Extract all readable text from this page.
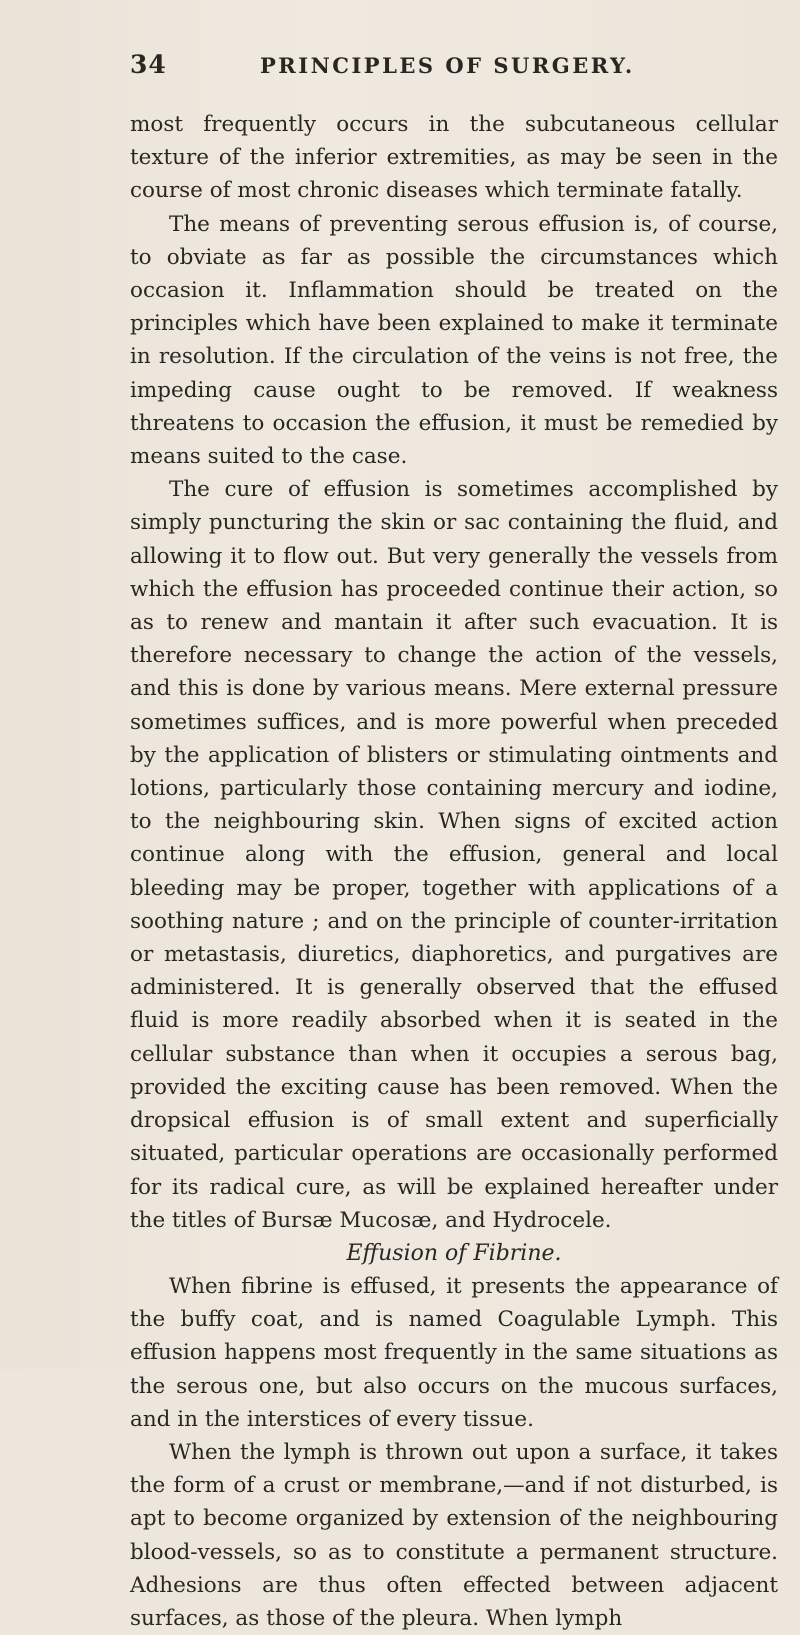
34	PRINCIPLES OF SURGERY.

most frequently occurs in the subcutaneous cellular texture of the inferior extremities, as may be seen in the course of most chronic diseases which terminate fatally.

The means of preventing serous effusion is, of course, to obviate as far as possible the circumstances which occasion it. Inflammation should be treated on the principles which have been explained to make it terminate in resolution. If the circulation of the veins is not free, the impeding cause ought to be removed. If weakness threatens to occasion the effusion, it must be remedied by means suited to the case.

The cure of effusion is sometimes accomplished by simply puncturing the skin or sac containing the fluid, and allowing it to flow out. But very generally the vessels from which the effusion has proceeded continue their action, so as to renew and mantain it after such evacuation. It is therefore necessary to change the action of the vessels, and this is done by various means. Mere external pressure sometimes suffices, and is more powerful when preceded by the application of blisters or stimulating ointments and lotions, particularly those containing mercury and iodine, to the neighbouring skin. When signs of excited action continue along with the effusion, general and local bleeding may be proper, together with applications of a soothing nature ; and on the principle of counter-irritation or metastasis, diuretics, diaphoretics, and purgatives are administered. It is generally observed that the effused fluid is more readily absorbed when it is seated in the cellular substance than when it occupies a serous bag, provided the exciting cause has been removed. When the dropsical effusion is of small extent and superficially situated, particular operations are occasionally performed for its radical cure, as will be explained hereafter under the titles of Bursæ Mucosæ, and Hydrocele.

Effusion of Fibrine.

When fibrine is effused, it presents the appearance of the buffy coat, and is named Coagulable Lymph. This effusion happens most frequently in the same situations as the serous one, but also occurs on the mucous surfaces, and in the interstices of every tissue.

When the lymph is thrown out upon a surface, it takes the form of a crust or membrane,—and if not disturbed, is apt to become organized by extension of the neighbouring blood-vessels, so as to constitute a permanent structure. Adhesions are thus often effected between adjacent surfaces, as those of the pleura. When lymph
